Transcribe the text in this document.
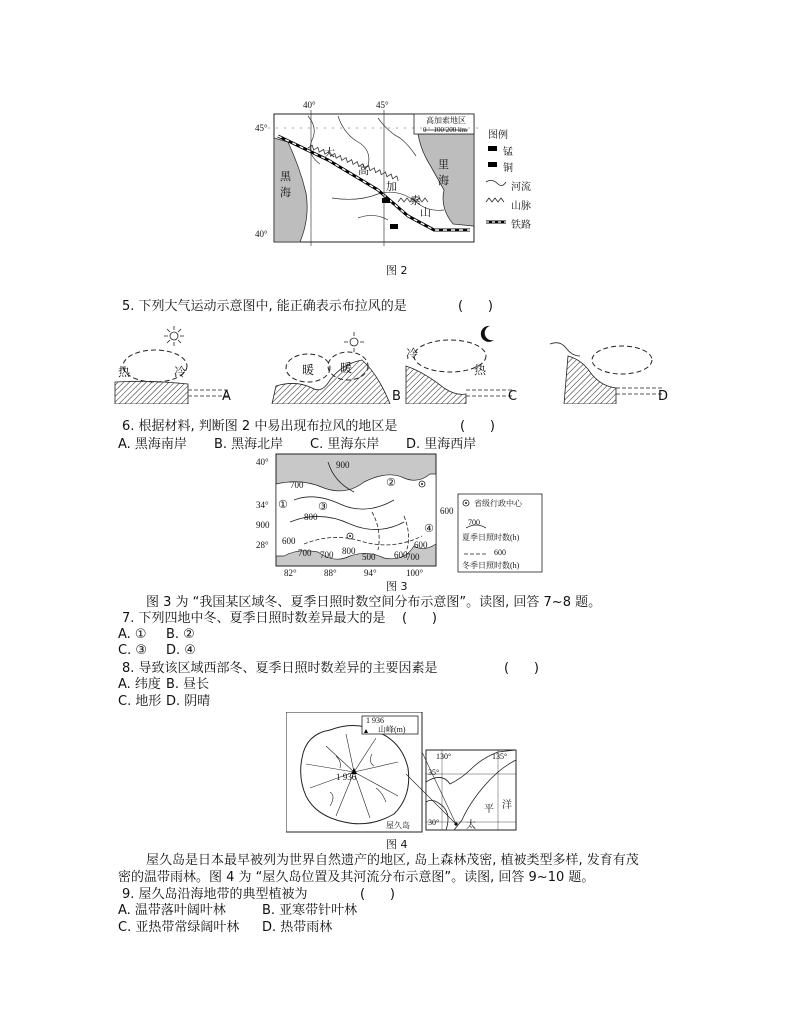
40°	45°
45°
40°
高加索地区
0    100 200 km 图例
锰
铜
河流
山脉
铁路
黑
海
里
海
大
高
加
索
山
图 2
5. 下列大气运动示意图中, 能正确表示布拉风的是	(      )
热	冷
A
暖 暖
B
冷
热
C	D
6. 根据材料, 判断图 2 中易出现布拉风的地区是	(      )
A. 黑海南岸 B. 黑海北岸 C. 里海东岸 D. 里海西岸
40°
34°
900
28°
82°	88°	94°	100°
600
900
700
800
600
700	800
700	500 600
700
600
①
②
③
④
省级行政中心
700
夏季日照时数(h)
600
冬季日照时数(h)
图 3
图 3 为 “我国某区域冬、夏季日照时数空间分布示意图”。读图, 回答 7~8 题。
7. 下列四地中冬、夏季日照时数差异最大的是 (      )
A. ① B. ②
C. ③ D. ④
8. 导致该区域西部冬、夏季日照时数差异的主要因素是	(      )
A. 纬度 B. 昼长
C. 地形 D. 阴晴
1 936
山峰(m)
1 936
屋久岛
35°
30°
130°	135°
平 洋
太
图 4
屋久岛是日本最早被列为世界自然遗产的地区, 岛上森林茂密, 植被类型多样, 发育有茂
密的温带雨林。图 4 为 “屋久岛位置及其河流分布示意图”。读图, 回答 9~10 题。
9. 屋久岛沿海地带的典型植被为	(      )
A. 温带落叶阔叶林	B. 亚寒带针叶林
C. 亚热带常绿阔叶林 D. 热带雨林
